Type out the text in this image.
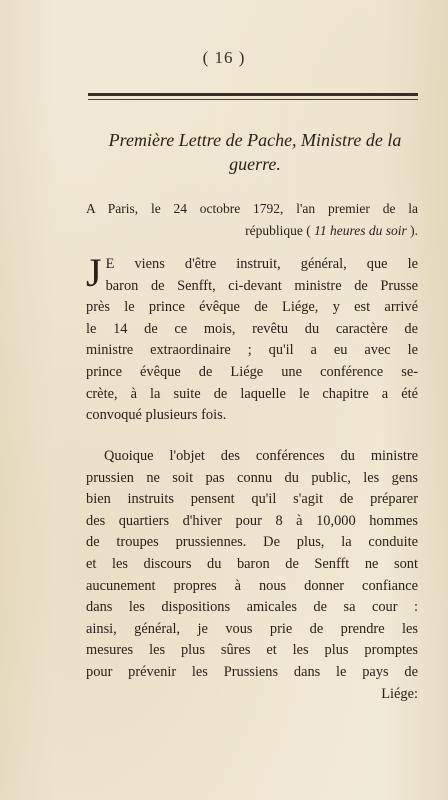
( 16 )
Première Lettre de Pache, Ministre de la
guerre.
A Paris, le 24 octobre 1792, l'an premier de la
république ( 11 heures du soir ).
J E viens d'être instruit, général, que le
baron de Senfft, ci-devant ministre de Prusse
près le prince évêque de Liége, y est arrivé
le 14 de ce mois, revêtu du caractère de
ministre extraordinaire ; qu'il a eu avec le
prince évêque de Liége une conférence se-
crète, à la suite de laquelle le chapitre a été
convoqué plusieurs fois.
Quoique l'objet des conférences du ministre
prussien ne soit pas connu du public, les gens
bien instruits pensent qu'il s'agit de préparer
des quartiers d'hiver pour 8 à 10,000 hommes
de troupes prussiennes. De plus, la conduite
et les discours du baron de Senfft ne sont
aucunement propres à nous donner confiance
dans les dispositions amicales de sa cour :
ainsi, général, je vous prie de prendre les
mesures les plus sûres et les plus promptes
pour prévenir les Prussiens dans le pays de
Liége:
